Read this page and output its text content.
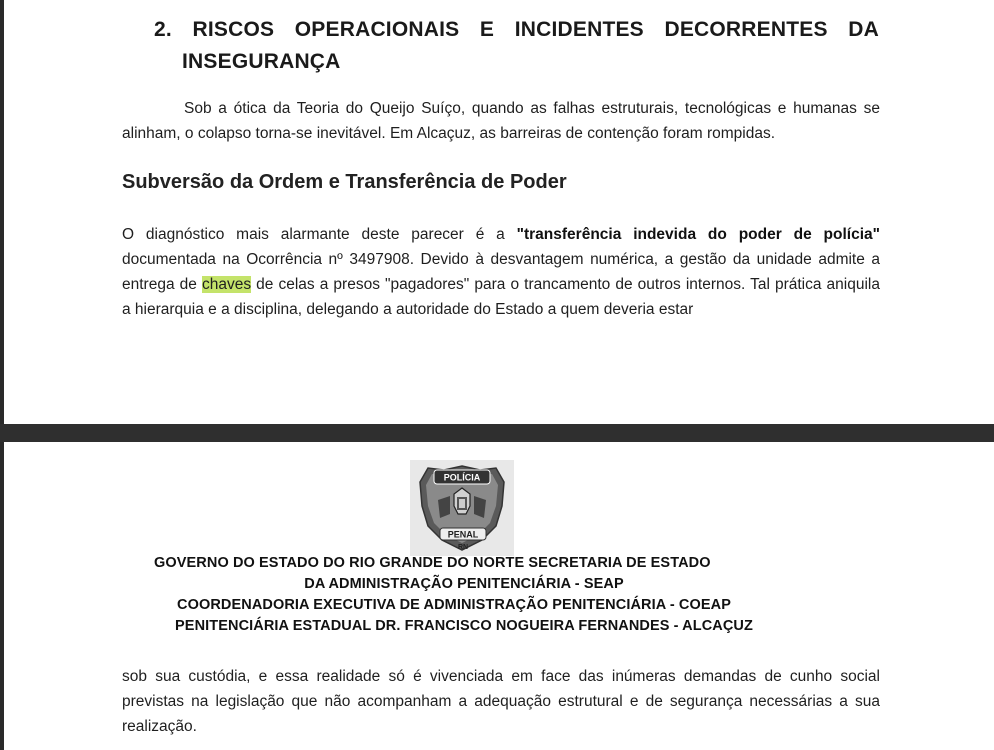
2. RISCOS OPERACIONAIS E INCIDENTES DECORRENTES DA
INSEGURANÇA
Sob a ótica da Teoria do Queijo Suíço, quando as falhas estruturais, tecnológicas e humanas se alinham, o colapso torna-se inevitável. Em Alcaçuz, as barreiras de contenção foram rompidas.
Subversão da Ordem e Transferência de Poder
O diagnóstico mais alarmante deste parecer é a "transferência indevida do poder de polícia" documentada na Ocorrência nº 3497908. Devido à desvantagem numérica, a gestão da unidade admite a entrega de chaves de celas a presos "pagadores" para o trancamento de outros internos. Tal prática aniquila a hierarquia e a disciplina, delegando a autoridade do Estado a quem deveria estar
POLÍCIA
PENAL
RN
GOVERNO DO ESTADO DO RIO GRANDE DO NORTE SECRETARIA DE ESTADO
DA ADMINISTRAÇÃO PENITENCIÁRIA - SEAP
COORDENADORIA EXECUTIVA DE ADMINISTRAÇÃO PENITENCIÁRIA - COEAP
PENITENCIÁRIA ESTADUAL DR. FRANCISCO NOGUEIRA FERNANDES - ALCAÇUZ
sob sua custódia, e essa realidade só é vivenciada em face das inúmeras demandas de cunho social previstas na legislação que não acompanham a adequação estrutural e de segurança necessárias a sua realização.
